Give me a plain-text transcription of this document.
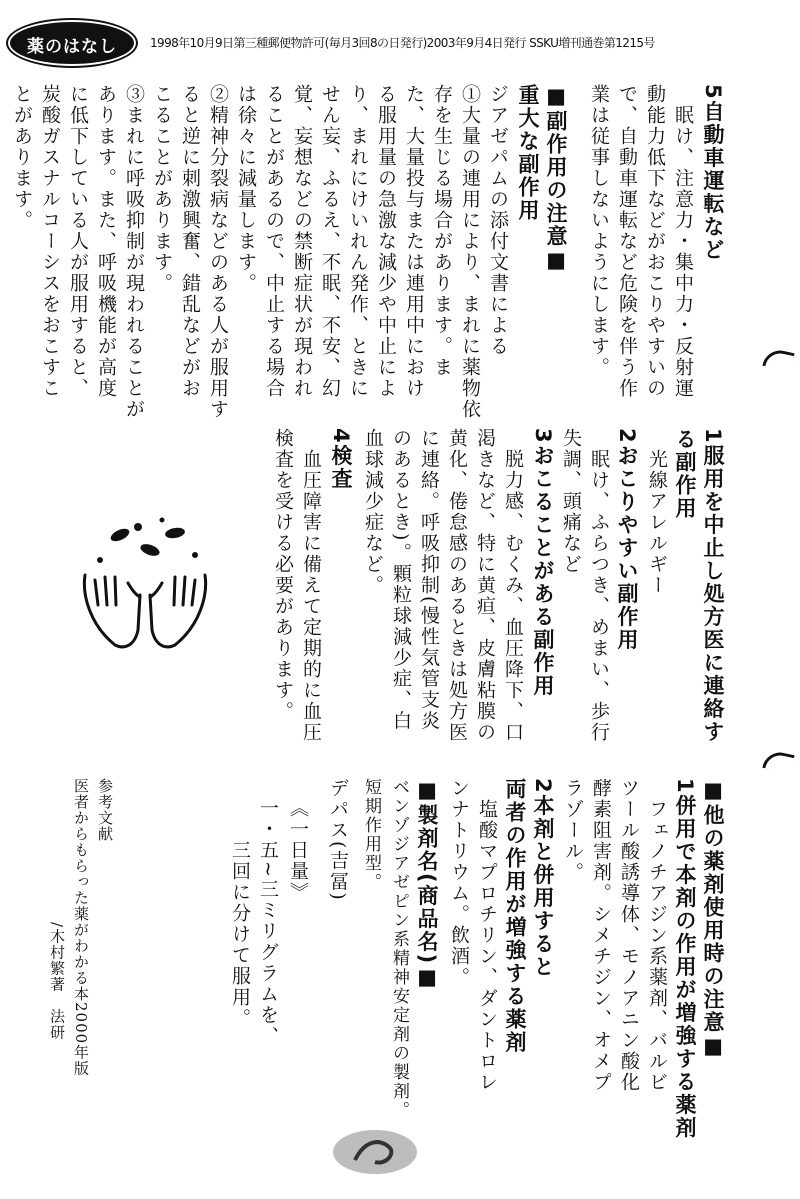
薬のはなし	1998年10月9日第三種郵便物許可(毎月3回8の日発行)2003年9月4日発行 SSKU増刊通巻第1215号
5自動車運転など
　眠け、注意力・集中力・反射運
動能力低下などがおこりやすいの
で、自動車運転など危険を伴う作
業は従事しないようにします。
■副作用の注意■
重大な副作用
ジアゼパムの添付文書による
①大量の連用により、まれに薬物依
存を生じる場合があります。ま
た、大量投与または連用中におけ
る服用量の急激な減少や中止によ
り、まれにけいれん発作、ときに
せん妄、ふるえ、不眠、不安、幻
覚、妄想などの禁断症状が現われ
ることがあるので、中止する場合
は徐々に減量します。
②精神分裂病などのある人が服用す
ると逆に刺激興奮、錯乱などがお
こることがあります。
③まれに呼吸抑制が現われることが
あります。また、呼吸機能が高度
に低下している人が服用すると、
炭酸ガスナルコーシスをおこすこ
とがあります。
1服用を中止し処方医に連絡す
る副作用
　光線アレルギー
2おこりやすい副作用
　眠け、ふらつき、めまい、歩行
失調、頭痛など
3おこることがある副作用
　脱力感、むくみ、血圧降下、口
渇きなど、特に黄疸、皮膚粘膜の
黄化、倦怠感のあるときは処方医
に連絡。呼吸抑制(慢性気管支炎
のあるとき)。顆粒球減少症、白
血球減少症など。
4検査
　血圧障害に備えて定期的に血圧
検査を受ける必要があります。
■他の薬剤使用時の注意■
1併用で本剤の作用が増強する薬剤
　フェノチアジン系薬剤、バルビ
ツール酸誘導体、モノアニン酸化
酵素阻害剤。シメチジン、オメプ
ラゾール。
2本剤と併用すると
両者の作用が増強する薬剤
　塩酸マプロチリン、ダントロレ
ンナトリウム。飲酒。
■製剤名(商品名)■
ベンゾジアゼピン系精神安定剤の製剤。
短期作用型。
デパス(吉冨)
《一日量》
一・五~三ミリグラムを、
　　三回に分けて服用。
参考文献
医者からもらった薬がわかる本2000年版
　　　　　　　　　/木村繁著　法研
